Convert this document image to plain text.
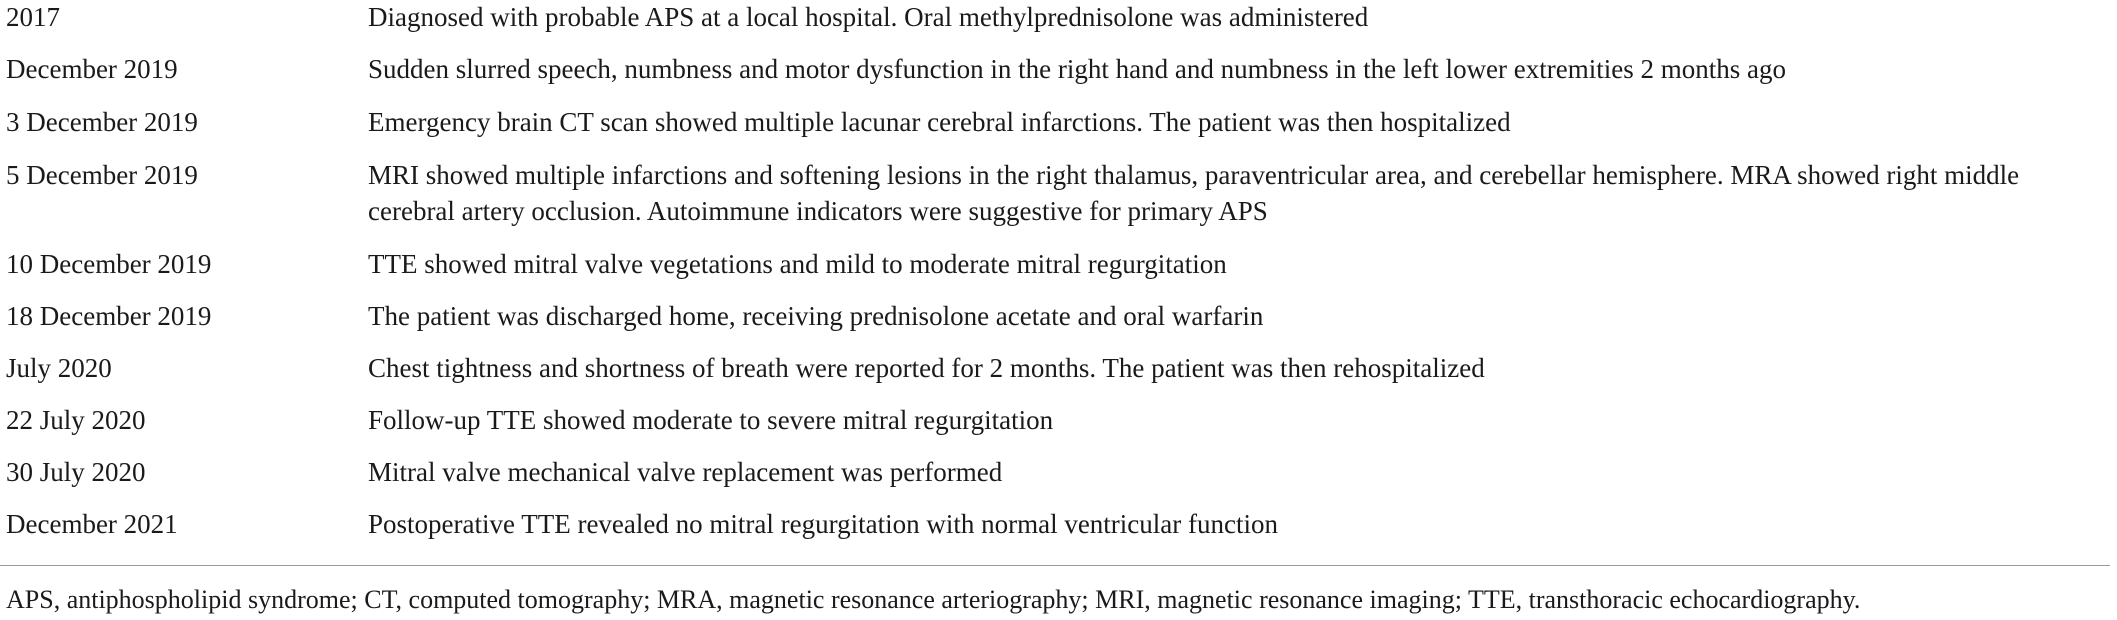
2017	Diagnosed with probable APS at a local hospital. Oral methylprednisolone was administered
December 2019	Sudden slurred speech, numbness and motor dysfunction in the right hand and numbness in the left lower extremities 2 months ago
3 December 2019	Emergency brain CT scan showed multiple lacunar cerebral infarctions. The patient was then hospitalized
5 December 2019	MRI showed multiple infarctions and softening lesions in the right thalamus, paraventricular area, and cerebellar hemisphere. MRA showed right middle cerebral artery occlusion. Autoimmune indicators were suggestive for primary APS
10 December 2019	TTE showed mitral valve vegetations and mild to moderate mitral regurgitation
18 December 2019	The patient was discharged home, receiving prednisolone acetate and oral warfarin
July 2020	Chest tightness and shortness of breath were reported for 2 months. The patient was then rehospitalized
22 July 2020	Follow-up TTE showed moderate to severe mitral regurgitation
30 July 2020	Mitral valve mechanical valve replacement was performed
December 2021	Postoperative TTE revealed no mitral regurgitation with normal ventricular function
APS, antiphospholipid syndrome; CT, computed tomography; MRA, magnetic resonance arteriography; MRI, magnetic resonance imaging; TTE, transthoracic echocardiography.
